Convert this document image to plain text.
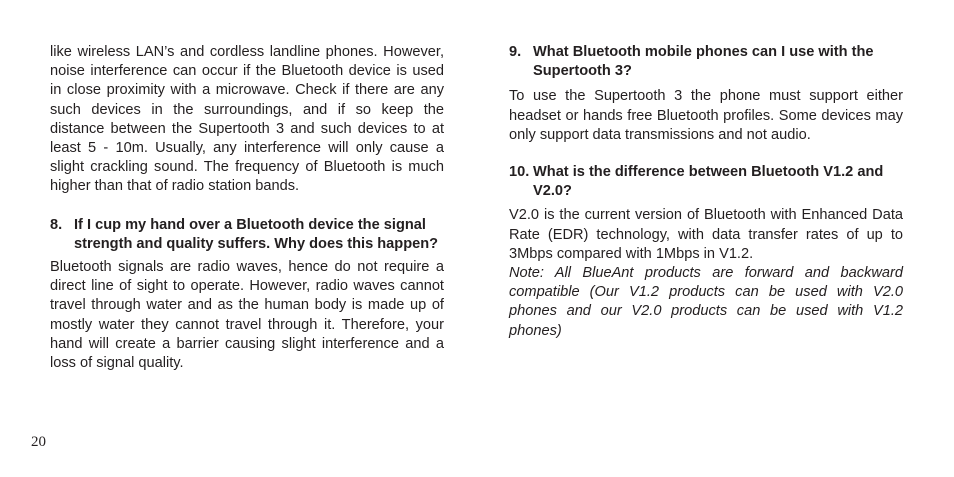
like wireless LAN’s and cordless landline phones. However, noise interference can occur if the Bluetooth device is used in close proximity with a microwave. Check if there are any such devices in the surroundings, and if so keep the distance between the Supertooth 3 and such devices to at least 5 - 10m. Usually, any interference will only cause a slight crackling sound. The frequency of Bluetooth is much higher than that of radio station bands.

8. If I cup my hand over a Bluetooth device the signal strength and quality suffers. Why does this happen?

Bluetooth signals are radio waves, hence do not require a direct line of sight to operate. However, radio waves cannot travel through water and as the human body is made up of mostly water they cannot travel through it. Therefore, your hand will create a barrier causing slight interference and a loss of signal quality.

9. What Bluetooth mobile phones can I use with the Supertooth 3?

To use the Supertooth 3 the phone must support either headset or hands free Bluetooth profiles. Some devices may only support data transmissions and not audio.

10. What is the difference between Bluetooth V1.2 and V2.0?

V2.0 is the current version of Bluetooth with Enhanced Data Rate (EDR) technology, with data transfer rates of up to 3Mbps compared with 1Mbps in V1.2.

Note: All BlueAnt products are forward and backward compatible (Our V1.2 products can be used with V2.0 phones and our V2.0 products can be used with V1.2 phones)

20
